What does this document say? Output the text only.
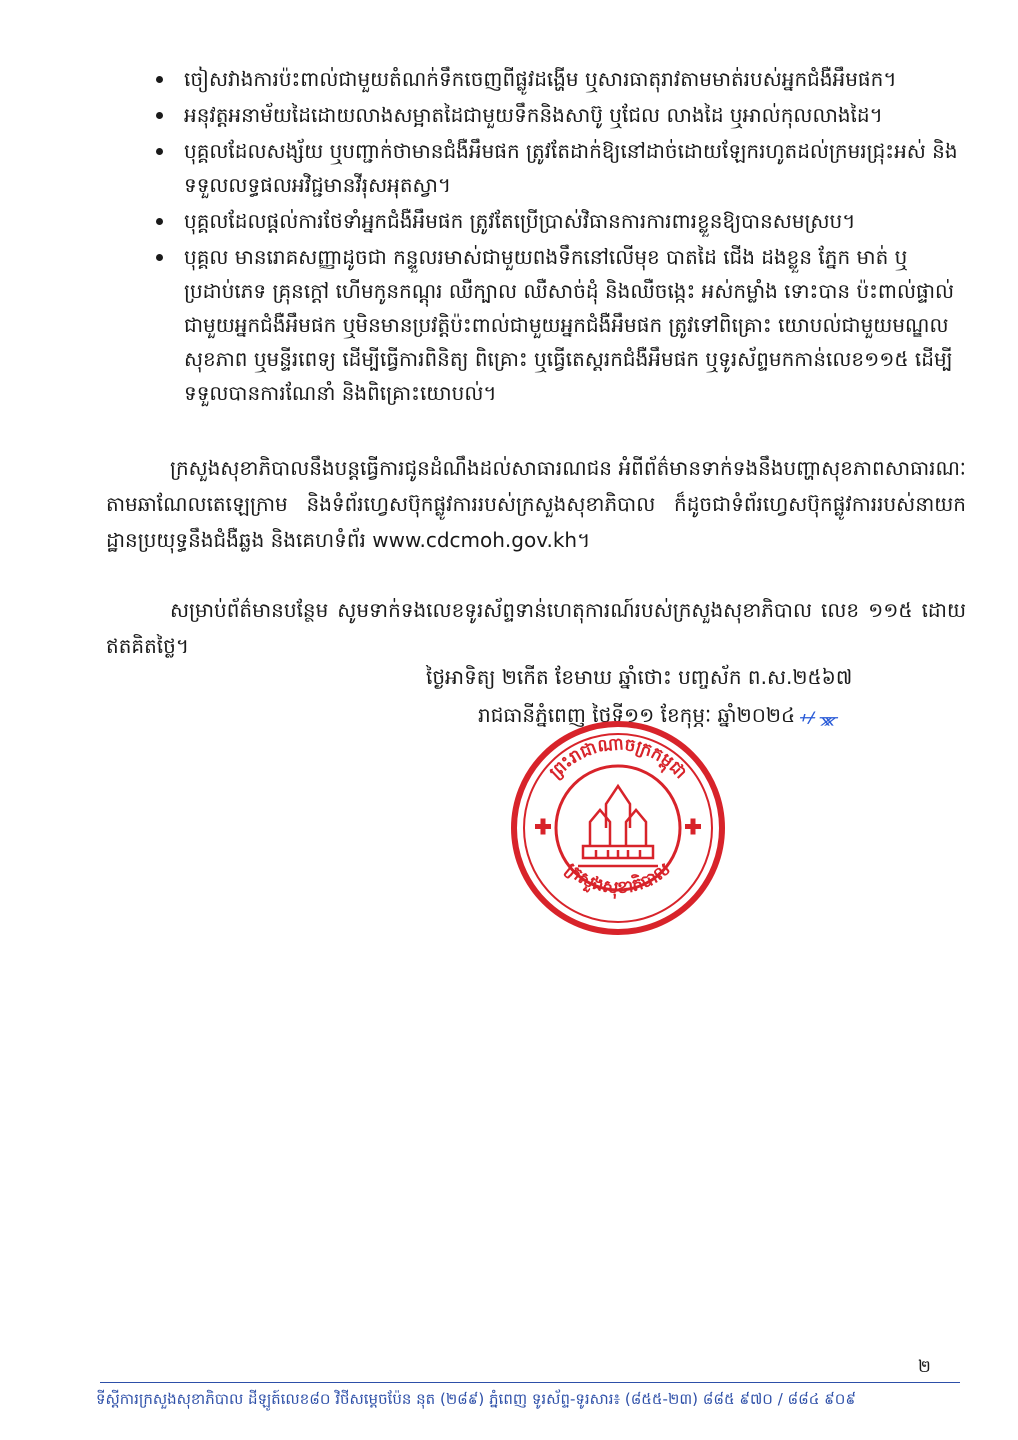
ចៀសវាងការប៉ះពាល់ជាមួយតំណក់ទឹកចេញពីផ្លូវដង្ហើម ឬសារធាតុរាវតាមមាត់របស់អ្នកជំងឺអឹមផក។
អនុវត្តអនាម័យដៃដោយលាងសម្អាតដៃជាមួយទឹកនិងសាប៊ូ ឬជែល លាងដៃ ឬអាល់កុលលាងដៃ។
បុគ្គលដែលសង្ស័យ ឬបញ្ជាក់ថាមានជំងឺអឹមផក ត្រូវតែដាក់ឱ្យនៅដាច់ដោយឡែករហូតដល់ក្រមរជ្រុះអស់ និងទទួលលទ្ធផលអវិជ្ជមានវីរុសអុតស្វា។
បុគ្គលដែលផ្តល់ការថែទាំអ្នកជំងឺអឹមផក ត្រូវតែប្រើប្រាស់វិធានការការពារខ្លួនឱ្យបានសមស្រប។
បុគ្គល មានរោគសញ្ញាដូចជា កន្ទួលរមាស់ជាមួយពងទឹកនៅលើមុខ បាតដៃ ជើង ដងខ្លួន ភ្នែក មាត់ ឬប្រដាប់ភេទ គ្រុនក្តៅ ហើមកូនកណ្តុរ ឈឺក្បាល ឈឺសាច់ដុំ និងឈឺចង្កេះ អស់កម្លាំង ទោះបាន ប៉ះពាល់ផ្ទាល់ជាមួយអ្នកជំងឺអឹមផក ឬមិនមានប្រវត្តិប៉ះពាល់ជាមួយអ្នកជំងឺអឹមផក ត្រូវទៅពិគ្រោះ យោបល់ជាមួយមណ្ឌលសុខភាព ឬមន្ទីរពេទ្យ ដើម្បីធ្វើការពិនិត្យ ពិគ្រោះ ឬធ្វើតេស្តរកជំងឺអឹមផក ឬទូរស័ព្ទមកកាន់លេខ១១៥ ដើម្បីទទួលបានការណែនាំ និងពិគ្រោះយោបល់។

ក្រសួងសុខាភិបាលនឹងបន្តធ្វើការជូនដំណឹងដល់សាធារណជន អំពីព័ត៌មានទាក់ទងនឹងបញ្ហាសុខភាពសាធារណៈ តាមឆាណែលតេឡេក្រាម និងទំព័រហ្វេសប៊ុកផ្លូវការរបស់ក្រសួងសុខាភិបាល ក៏ដូចជាទំព័រហ្វេសប៊ុកផ្លូវការរបស់នាយកដ្ឋានប្រយុទ្ធនឹងជំងឺឆ្លង និងគេហទំព័រ www.cdcmoh.gov.kh។

សម្រាប់ព័ត៌មានបន្ថែម សូមទាក់ទងលេខទូរស័ព្ទទាន់ហេតុការណ៍របស់ក្រសួងសុខាភិបាល លេខ ១១៥ ដោយឥតគិតថ្លៃ។

ថ្ងៃអាទិត្យ ២កើត ខែមាឃ ឆ្នាំថោះ បញ្ចស័ក ព.ស.២៥៦៧
រាជធានីភ្នំពេញ ថ្ងៃទី១១ ខែកុម្ភៈ ឆ្នាំ២០២៤ ᚐᚋ ᚘ
ព្រះរាជាណាចក្រកម្ពុជា
ក្រសួងសុខាភិបាល
២
ទីស្តីការក្រសួងសុខាភិបាល ដីឡូត៍លេខ៨០ វិថីសម្តេចប៉ែន នុត (២៨៩) ភ្នំពេញ ទូរស័ព្ទ-ទូរសារ៖ (៨៥៥-២៣) ៨៨៥ ៩៧០ / ៨៨៤ ៩០៩
